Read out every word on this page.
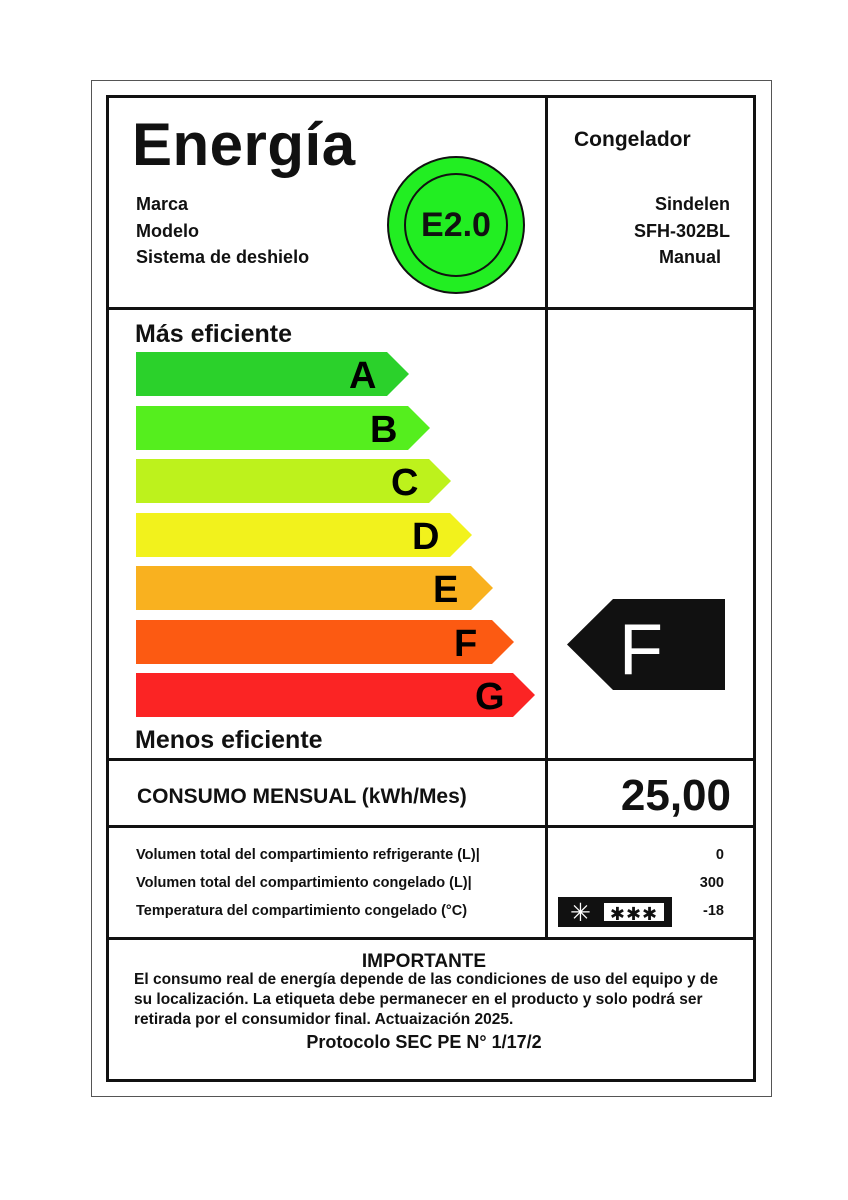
Energía
Marca
Modelo
Sistema de deshielo
E2.0
Congelador
Sindelen
SFH-302BL
Manual
Más eficiente
A
B
C
D
E
F
G
Menos eficiente
F
CONSUMO MENSUAL (kWh/Mes)	25,00
Volumen total del compartimiento refrigerante (L)|
Volumen total del compartimiento congelado (L)|
Temperatura del compartimiento congelado (°C)
0
300
-18
✳	✱✱✱
IMPORTANTE
El consumo real de energía depende de las condiciones de uso del equipo y de su localización. La etiqueta debe permanecer en el producto y solo podrá ser retirada por el consumidor final. Actuaización 2025.
Protocolo SEC PE N° 1/17/2
